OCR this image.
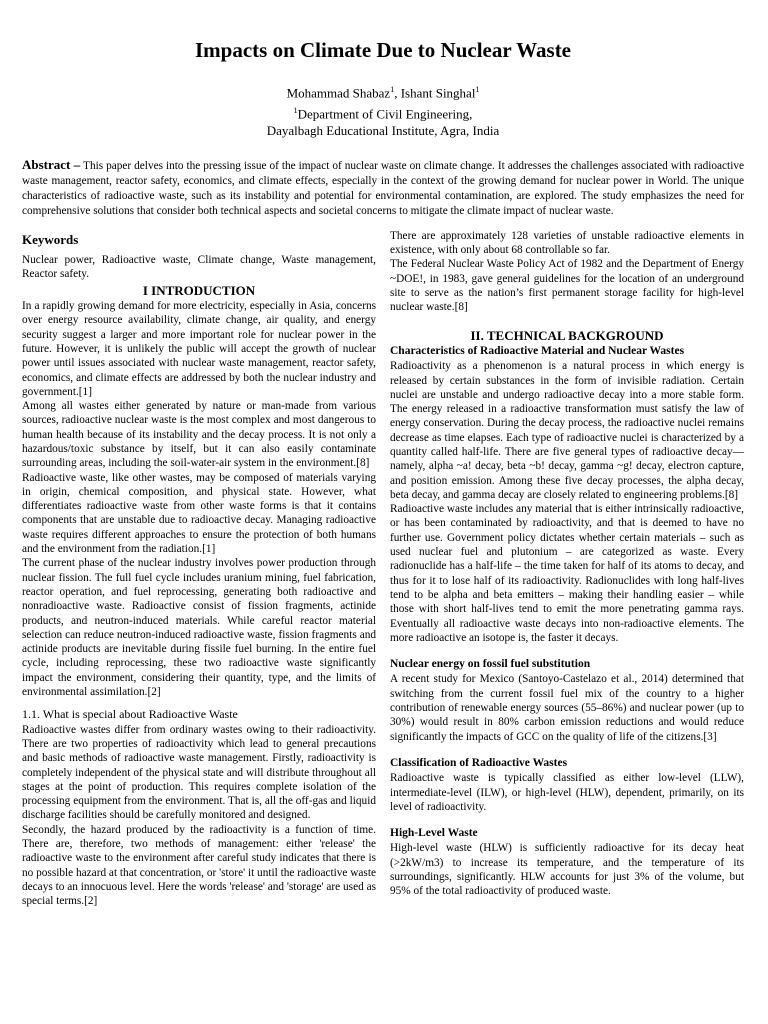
Impacts on Climate Due to Nuclear Waste
Mohammad Shabaz$^1$, Ishant Singhal$^1$
$^1$Department of Civil Engineering,
Dayalbagh Educational Institute, Agra, India
Abstract – This paper delves into the pressing issue of the impact of nuclear waste on climate change. It addresses the challenges associated with radioactive waste management, reactor safety, economics, and climate effects, especially in the context of the growing demand for nuclear power in World. The unique characteristics of radioactive waste, such as its instability and potential for environmental contamination, are explored. The study emphasizes the need for comprehensive solutions that consider both technical aspects and societal concerns to mitigate the climate impact of nuclear waste.
Keywords

Nuclear power, Radioactive waste, Climate change, Waste management, Reactor safety.

I INTRODUCTION

In a rapidly growing demand for more electricity, especially in Asia, concerns over energy resource availability, climate change, air quality, and energy security suggest a larger and more important role for nuclear power in the future. However, it is unlikely the public will accept the growth of nuclear power until issues associated with nuclear waste management, reactor safety, economics, and climate effects are addressed by both the nuclear industry and government.[1]

Among all wastes either generated by nature or man-made from various sources, radioactive nuclear waste is the most complex and most dangerous to human health because of its instability and the decay process. It is not only a hazardous/toxic substance by itself, but it can also easily contaminate surrounding areas, including the soil-water-air system in the environment.[8]

Radioactive waste, like other wastes, may be composed of materials varying in origin, chemical composition, and physical state. However, what differentiates radioactive waste from other waste forms is that it contains components that are unstable due to radioactive decay. Managing radioactive waste requires different approaches to ensure the protection of both humans and the environment from the radiation.[1]

The current phase of the nuclear industry involves power production through nuclear fission. The full fuel cycle includes uranium mining, fuel fabrication, reactor operation, and fuel reprocessing, generating both radioactive and nonradioactive waste. Radioactive consist of fission fragments, actinide products, and neutron-induced materials. While careful reactor material selection can reduce neutron-induced radioactive waste, fission fragments and actinide products are inevitable during fissile fuel burning. In the entire fuel cycle, including reprocessing, these two radioactive waste significantly impact the environment, considering their quantity, type, and the limits of environmental assimilation.[2]

1.1. What is special about Radioactive Waste

Radioactive wastes differ from ordinary wastes owing to their radioactivity. There are two properties of radioactivity which lead to general precautions and basic methods of radioactive waste management. Firstly, radioactivity is completely independent of the physical state and will distribute throughout all stages at the point of production. This requires complete isolation of the processing equipment from the environment. That is, all the off-gas and liquid discharge facilities should be carefully monitored and designed.

Secondly, the hazard produced by the radioactivity is a function of time. There are, therefore, two methods of management: either 'release' the radioactive waste to the environment after careful study indicates that there is no possible hazard at that concentration, or 'store' it until the radioactive waste decays to an innocuous level. Here the words 'release' and 'storage' are used as special terms.[2]

There are approximately 128 varieties of unstable radioactive elements in existence, with only about 68 controllable so far.

The Federal Nuclear Waste Policy Act of 1982 and the Department of Energy ~DOE!, in 1983, gave general guidelines for the location of an underground site to serve as the nation’s first permanent storage facility for high-level nuclear waste.[8]

II. TECHNICAL BACKGROUND
Characteristics of Radioactive Material and Nuclear Wastes

Radioactivity as a phenomenon is a natural process in which energy is released by certain substances in the form of invisible radiation. Certain nuclei are unstable and undergo radioactive decay into a more stable form. The energy released in a radioactive transformation must satisfy the law of energy conservation. During the decay process, the radioactive nuclei remains decrease as time elapses. Each type of radioactive nuclei is characterized by a quantity called half-life. There are five general types of radioactive decay—namely, alpha ~a! decay, beta ~b! decay, gamma ~g! decay, electron capture, and position emission. Among these five decay processes, the alpha decay, beta decay, and gamma decay are closely related to engineering problems.[8]

Radioactive waste includes any material that is either intrinsically radioactive, or has been contaminated by radioactivity, and that is deemed to have no further use. Government policy dictates whether certain materials – such as used nuclear fuel and plutonium – are categorized as waste. Every radionuclide has a half-life – the time taken for half of its atoms to decay, and thus for it to lose half of its radioactivity. Radionuclides with long half-lives tend to be alpha and beta emitters – making their handling easier – while those with short half-lives tend to emit the more penetrating gamma rays. Eventually all radioactive waste decays into non-radioactive elements. The more radioactive an isotope is, the faster it decays.

Nuclear energy on fossil fuel substitution

A recent study for Mexico (Santoyo-Castelazo et al., 2014) determined that switching from the current fossil fuel mix of the country to a higher contribution of renewable energy sources (55–86%) and nuclear power (up to 30%) would result in 80% carbon emission reductions and would reduce significantly the impacts of GCC on the quality of life of the citizens.[3]

Classification of Radioactive Wastes

Radioactive waste is typically classified as either low-level (LLW), intermediate-level (ILW), or high-level (HLW), dependent, primarily, on its level of radioactivity.

High-Level Waste

High-level waste (HLW) is sufficiently radioactive for its decay heat (>2kW/m3) to increase its temperature, and the temperature of its surroundings, significantly. HLW accounts for just 3% of the volume, but 95% of the total radioactivity of produced waste.
